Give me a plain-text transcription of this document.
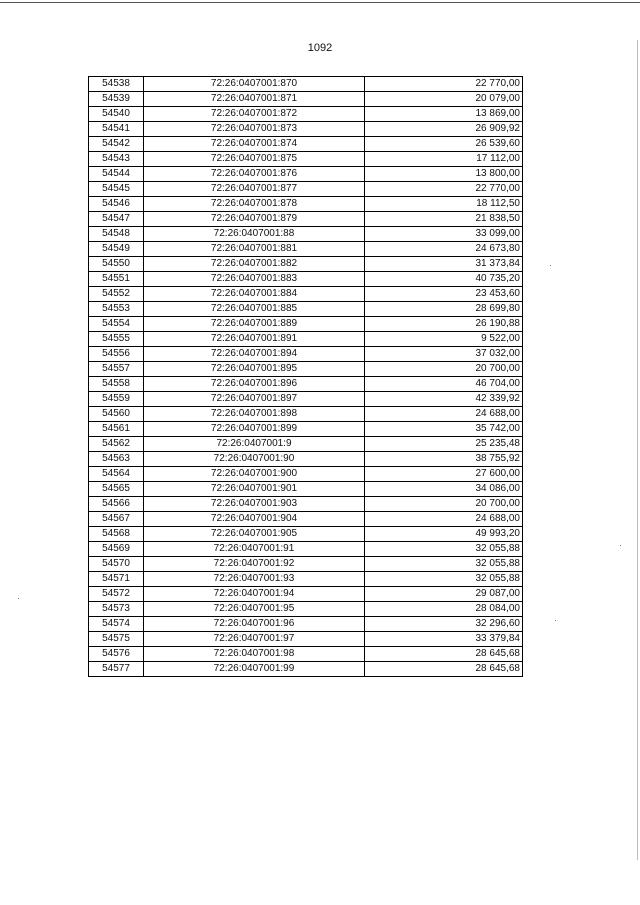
1092
54538	72:26:0407001:870	22 770,00
54539	72:26:0407001:871	20 079,00
54540	72:26:0407001:872	13 869,00
54541	72:26:0407001:873	26 909,92
54542	72:26:0407001:874	26 539,60
54543	72:26:0407001:875	17 112,00
54544	72:26:0407001:876	13 800,00
54545	72:26:0407001:877	22 770,00
54546	72:26:0407001:878	18 112,50
54547	72:26:0407001:879	21 838,50
54548	72:26:0407001:88	33 099,00
54549	72:26:0407001:881	24 673,80
54550	72:26:0407001:882	31 373,84
54551	72:26:0407001:883	40 735,20
54552	72:26:0407001:884	23 453,60
54553	72:26:0407001:885	28 699,80
54554	72:26:0407001:889	26 190,88
54555	72:26:0407001:891	9 522,00
54556	72:26:0407001:894	37 032,00
54557	72:26:0407001:895	20 700,00
54558	72:26:0407001:896	46 704,00
54559	72:26:0407001:897	42 339,92
54560	72:26:0407001:898	24 688,00
54561	72:26:0407001:899	35 742,00
54562	72:26:0407001:9	25 235,48
54563	72:26:0407001:90	38 755,92
54564	72:26:0407001:900	27 600,00
54565	72:26:0407001:901	34 086,00
54566	72:26:0407001:903	20 700,00
54567	72:26:0407001:904	24 688,00
54568	72:26:0407001:905	49 993,20
54569	72:26:0407001:91	32 055,88
54570	72:26:0407001:92	32 055,88
54571	72:26:0407001:93	32 055,88
54572	72:26:0407001:94	29 087,00
54573	72:26:0407001:95	28 084,00
54574	72:26:0407001:96	32 296,60
54575	72:26:0407001:97	33 379,84
54576	72:26:0407001:98	28 645,68
54577	72:26:0407001:99	28 645,68
